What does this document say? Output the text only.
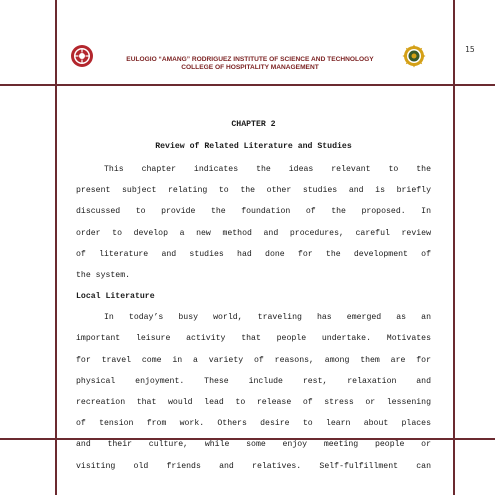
15
EULOGIO “AMANG” RODRIGUEZ INSTITUTE OF SCIENCE AND TECHNOLOGY
COLLEGE OF HOSPITALITY MANAGEMENT
CHAPTER 2
Review of Related Literature and Studies
This chapter indicates the ideas relevant to the
present subject relating to the other studies and is briefly
discussed to provide the foundation of the proposed. In
order to develop a new method and procedures, careful review
of literature and studies had done for the development of
the system.
Local Literature
In today’s busy world, traveling has emerged as an
important leisure activity that people undertake. Motivates
for travel come in a variety of reasons, among them are for
physical enjoyment. These include rest, relaxation and
recreation that would lead to release of stress or lessening
of tension from work. Others desire to learn about places
and their culture, while some enjoy meeting people or
visiting old friends and relatives. Self-fulfillment can
